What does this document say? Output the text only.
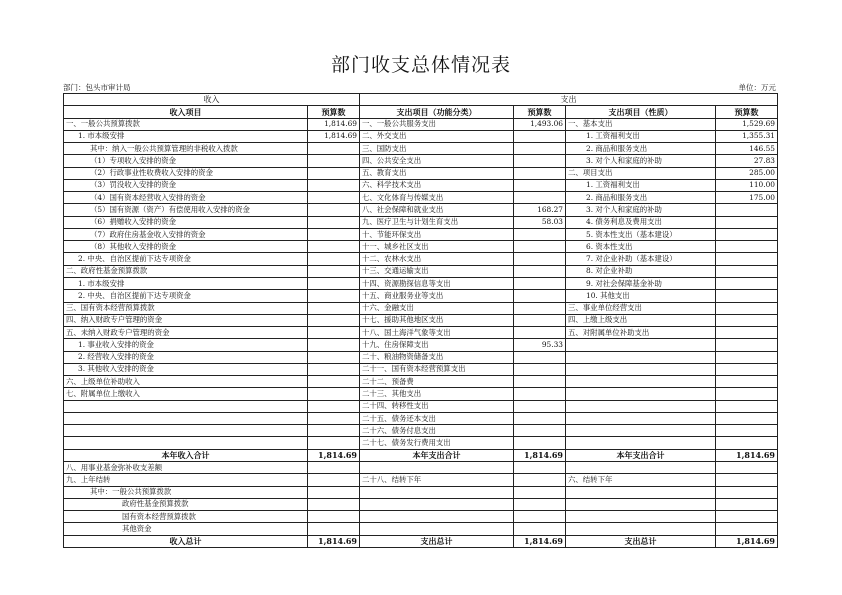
部门收支总体情况表
部门：包头市审计局	单位：万元
收入		支出			
收入项目	预算数	支出项目（功能分类）	预算数	支出项目（性质）	预算数
一、一般公共预算拨款	1,814.69	一、一般公共服务支出	1,493.06	一、基本支出	1,529.69
1. 市本级安排	1,814.69	二、外交支出		1. 工资福利支出	1,355.31
其中：纳入一般公共预算管理的非税收入拨款		三、国防支出		2. 商品和服务支出	146.55
（1）专项收入安排的资金		四、公共安全支出		3. 对个人和家庭的补助	27.83
（2）行政事业性收费收入安排的资金		五、教育支出		二、项目支出	285.00
（3）罚没收入安排的资金		六、科学技术支出		1. 工资福利支出	110.00
（4）国有资本经营收入安排的资金		七、文化体育与传媒支出		2. 商品和服务支出	175.00
（5）国有资源（资产）有偿使用收入安排的资金		八、社会保障和就业支出	168.27	3. 对个人和家庭的补助	
（6）捐赠收入安排的资金		九、医疗卫生与计划生育支出	58.03	4. 债务利息及费用支出	
（7）政府住房基金收入安排的资金		十、节能环保支出		5. 资本性支出（基本建设）	
（8）其他收入安排的资金		十一、城乡社区支出		6. 资本性支出	
2. 中央、自治区提前下达专项资金		十二、农林水支出		7. 对企业补助（基本建设）	
二、政府性基金预算拨款		十三、交通运输支出		8. 对企业补助	
1. 市本级安排		十四、资源勘探信息等支出		9. 对社会保障基金补助	
2. 中央、自治区提前下达专项资金		十五、商业服务业等支出		10. 其他支出	
三、国有资本经营预算拨款		十六、金融支出		三、事业单位经营支出	
四、纳入财政专户管理的资金		十七、援助其他地区支出		四、上缴上级支出	
五、未纳入财政专户管理的资金		十八、国土海洋气象等支出		五、对附属单位补助支出	
1. 事业收入安排的资金		十九、住房保障支出	95.33		
2. 经营收入安排的资金		二十、粮油物资储备支出			
3. 其他收入安排的资金		二十一、国有资本经营预算支出			
六、上级单位补助收入		二十二、预备费			
七、附属单位上缴收入		二十三、其他支出			
		二十四、转移性支出			
		二十五、债务还本支出			
		二十六、债务付息支出			
		二十七、债务发行费用支出			
本年收入合计	1,814.69	本年支出合计	1,814.69	本年支出合计	1,814.69
八、用事业基金弥补收支差额					
九、上年结转		二十八、结转下年		六、结转下年	
其中：一般公共预算拨款					
政府性基金预算拨款					
国有资本经营预算拨款					
其他资金					
收入总计	1,814.69	支出总计	1,814.69	支出总计	1,814.69
